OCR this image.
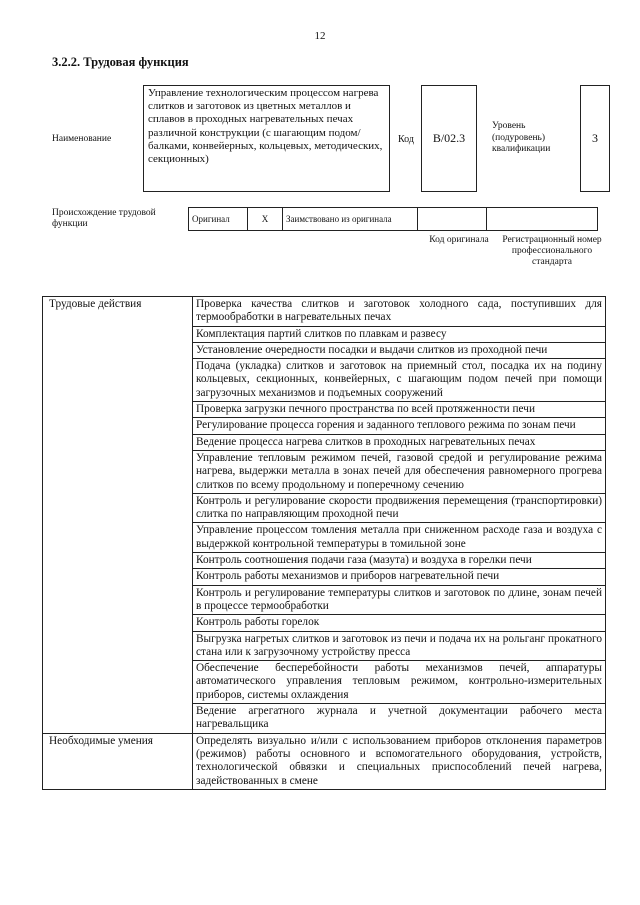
12
3.2.2. Трудовая функция
Наименование
Управление технологическим процессом нагрева слитков и заготовок из цветных металлов и сплавов в проходных нагревательных печах различной конструкции (с шагающим подом/балками, конвейерных, кольцевых, методических, секционных)
Код	B/02.3
Уровень (подуровень) квалификации
3
Происхождение трудовой функции	Оригинал	X	Заимствовано из оригинала		
Код оригинала	Регистрационный номер профессионального стандарта
Трудовые действия	Проверка качества слитков и заготовок холодного сада, поступивших для термообработки в нагревательных печах
	Комплектация партий слитков по плавкам и развесу
	Установление очередности посадки и выдачи слитков из проходной печи
	Подача (укладка) слитков и заготовок на приемный стол, посадка их на подину кольцевых, секционных, конвейерных, с шагающим подом печей при помощи загрузочных механизмов и подъемных сооружений
	Проверка загрузки печного пространства по всей протяженности печи
	Регулирование процесса горения и заданного теплового режима по зонам печи
	Ведение процесса нагрева слитков в проходных нагревательных печах
	Управление тепловым режимом печей, газовой средой и регулирование режима нагрева, выдержки металла в зонах печей для обеспечения равномерного прогрева слитков по всему продольному и поперечному сечению
	Контроль и регулирование скорости продвижения перемещения (транспортировки) слитка по направляющим проходной печи
	Управление процессом томления металла при сниженном расходе газа и воздуха с выдержкой контрольной температуры в томильной зоне
	Контроль соотношения подачи газа (мазута) и воздуха в горелки печи
	Контроль работы механизмов и приборов нагревательной печи
	Контроль и регулирование температуры слитков и заготовок по длине, зонам печей в процессе термообработки
	Контроль работы горелок
	Выгрузка нагретых слитков и заготовок из печи и подача их на рольганг прокатного стана или к загрузочному устройству пресса
	Обеспечение бесперебойности работы механизмов печей, аппаратуры автоматического управления тепловым режимом, контрольно-измерительных приборов, системы охлаждения
	Ведение агрегатного журнала и учетной документации рабочего места нагревальщика
Необходимые умения	Определять визуально и/или с использованием приборов отклонения параметров (режимов) работы основного и вспомогательного оборудования, устройств, технологической обвязки и специальных приспособлений печей нагрева, задействованных в смене
